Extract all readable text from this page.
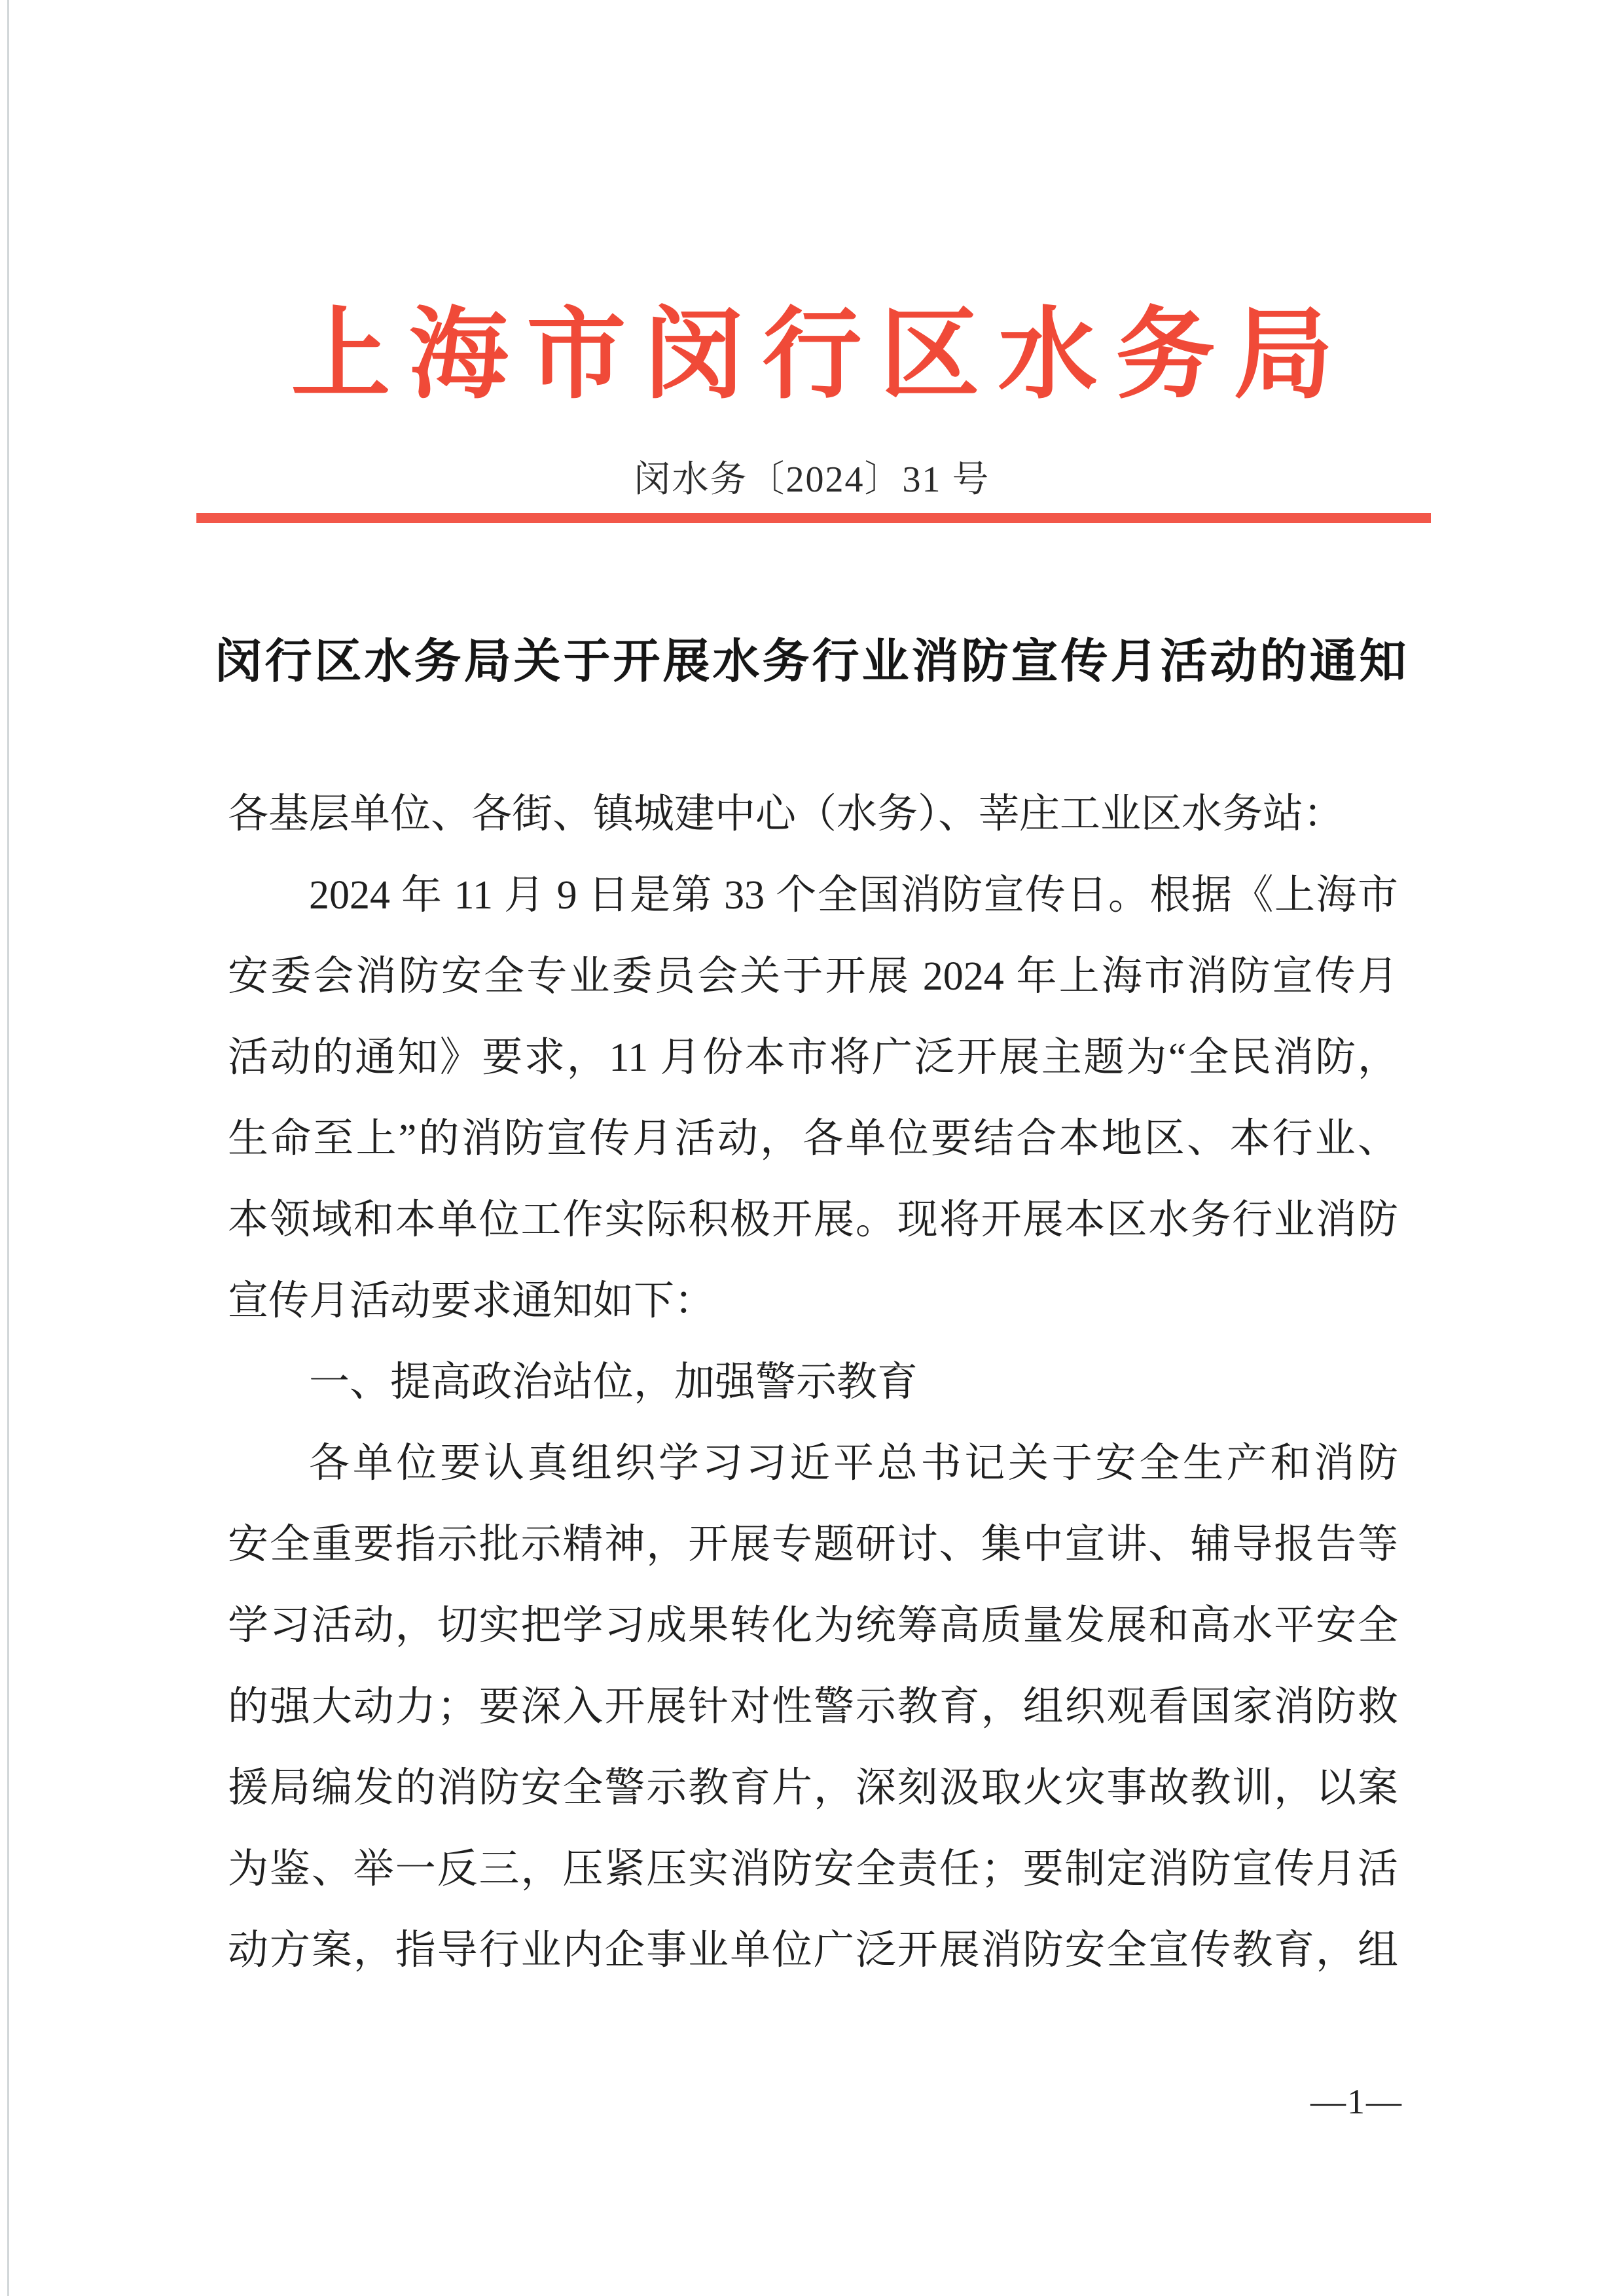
上海市闵行区水务局
闵水务〔2024〕31 号
闵行区水务局关于开展水务行业消防宣传月活动的通知
各基层单位、各街、镇城建中心（水务）、莘庄工业区水务站：
2024 年 11 月 9 日是第 33 个全国消防宣传日。根据《上海市
安委会消防安全专业委员会关于开展 2024 年上海市消防宣传月
活动的通知》要求，11 月份本市将广泛开展主题为“全民消防，
生命至上”的消防宣传月活动，各单位要结合本地区、本行业、
本领域和本单位工作实际积极开展。现将开展本区水务行业消防
宣传月活动要求通知如下：
一、提高政治站位，加强警示教育
各单位要认真组织学习习近平总书记关于安全生产和消防
安全重要指示批示精神，开展专题研讨、集中宣讲、辅导报告等
学习活动，切实把学习成果转化为统筹高质量发展和高水平安全
的强大动力；要深入开展针对性警示教育，组织观看国家消防救
援局编发的消防安全警示教育片，深刻汲取火灾事故教训，以案
为鉴、举一反三，压紧压实消防安全责任；要制定消防宣传月活
动方案，指导行业内企事业单位广泛开展消防安全宣传教育，组
—1—
